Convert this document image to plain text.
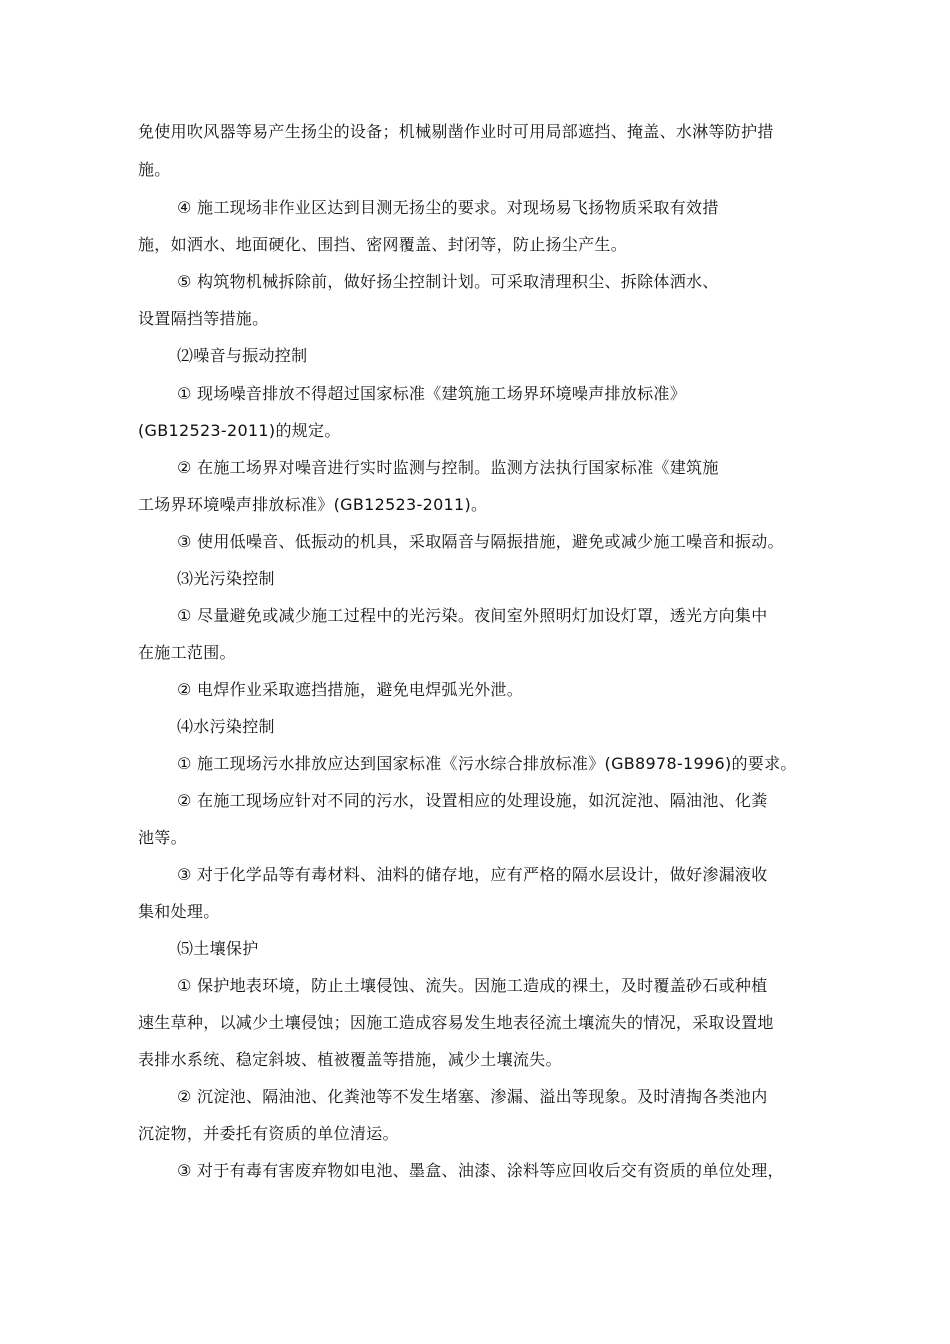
免使用吹风器等易产生扬尘的设备；机械剔凿作业时可用局部遮挡、掩盖、水淋等防护措
施。
④ 施工现场非作业区达到目测无扬尘的要求。对现场易飞扬物质采取有效措
施，如洒水、地面硬化、围挡、密网覆盖、封闭等，防止扬尘产生。
⑤ 构筑物机械拆除前，做好扬尘控制计划。可采取清理积尘、拆除体洒水、
设置隔挡等措施。
⑵噪音与振动控制
① 现场噪音排放不得超过国家标准《建筑施工场界环境噪声排放标准》
(GB12523-2011)的规定。
② 在施工场界对噪音进行实时监测与控制。监测方法执行国家标准《建筑施
工场界环境噪声排放标准》(GB12523-2011)。
③ 使用低噪音、低振动的机具，采取隔音与隔振措施，避免或减少施工噪音和振动。
⑶光污染控制
① 尽量避免或减少施工过程中的光污染。夜间室外照明灯加设灯罩，透光方向集中
在施工范围。
② 电焊作业采取遮挡措施，避免电焊弧光外泄。
⑷水污染控制
① 施工现场污水排放应达到国家标准《污水综合排放标准》(GB8978-1996)的要求。
② 在施工现场应针对不同的污水，设置相应的处理设施，如沉淀池、隔油池、化粪
池等。
③ 对于化学品等有毒材料、油料的储存地，应有严格的隔水层设计，做好渗漏液收
集和处理。
⑸土壤保护
① 保护地表环境，防止土壤侵蚀、流失。因施工造成的裸土，及时覆盖砂石或种植
速生草种，以减少土壤侵蚀；因施工造成容易发生地表径流土壤流失的情况，采取设置地
表排水系统、稳定斜坡、植被覆盖等措施，减少土壤流失。
② 沉淀池、隔油池、化粪池等不发生堵塞、渗漏、溢出等现象。及时清掏各类池内
沉淀物，并委托有资质的单位清运。
③ 对于有毒有害废弃物如电池、墨盒、油漆、涂料等应回收后交有资质的单位处理，
